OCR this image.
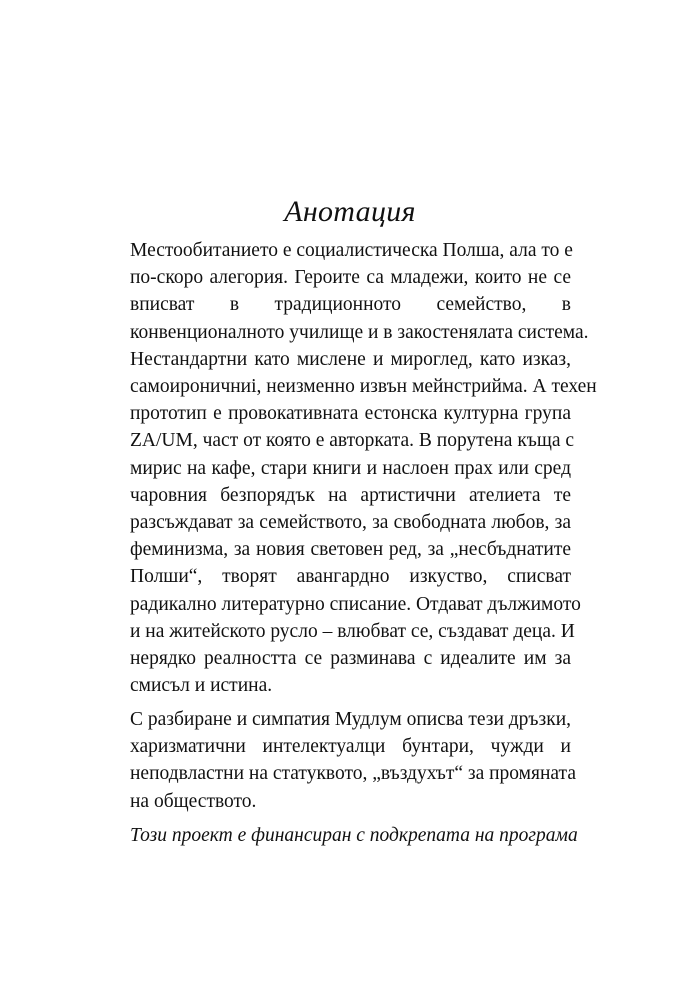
Анотация

Местообитанието е социалистическа Полша, ала то е
по-скоро алегория. Героите са младежи, които не се
вписват в традиционното семейство, в
конвенционалното училище и в закостенялата система.
Нестандартни като мислене и мироглед, като изказ,
самоироничниi, неизменно извън мейнстрийма. А техен
прототип е провокативната естонска културна група
ZA/UM, част от която е авторката. В порутена къща с
мирис на кафе, стари книги и наслоен прах или сред
чаровния безпорядък на артистични ателиета те
разсъждават за семейството, за свободната любов, за
феминизма, за новия световен ред, за „несбъднатите
Полши“, творят авангардно изкуство, списват
радикално литературно списание. Отдават дължимото
и на житейското русло – влюбват се, създават деца. И
нерядко реалността се разминава с идеалите им за
смисъл и истина.

С разбиране и симпатия Мудлум описва тези дръзки,
харизматични интелектуалци бунтари, чужди и
неподвластни на статуквото, „въздухът“ за промяната
на обществото.

Този проект е финансиран с подкрепата на програма
